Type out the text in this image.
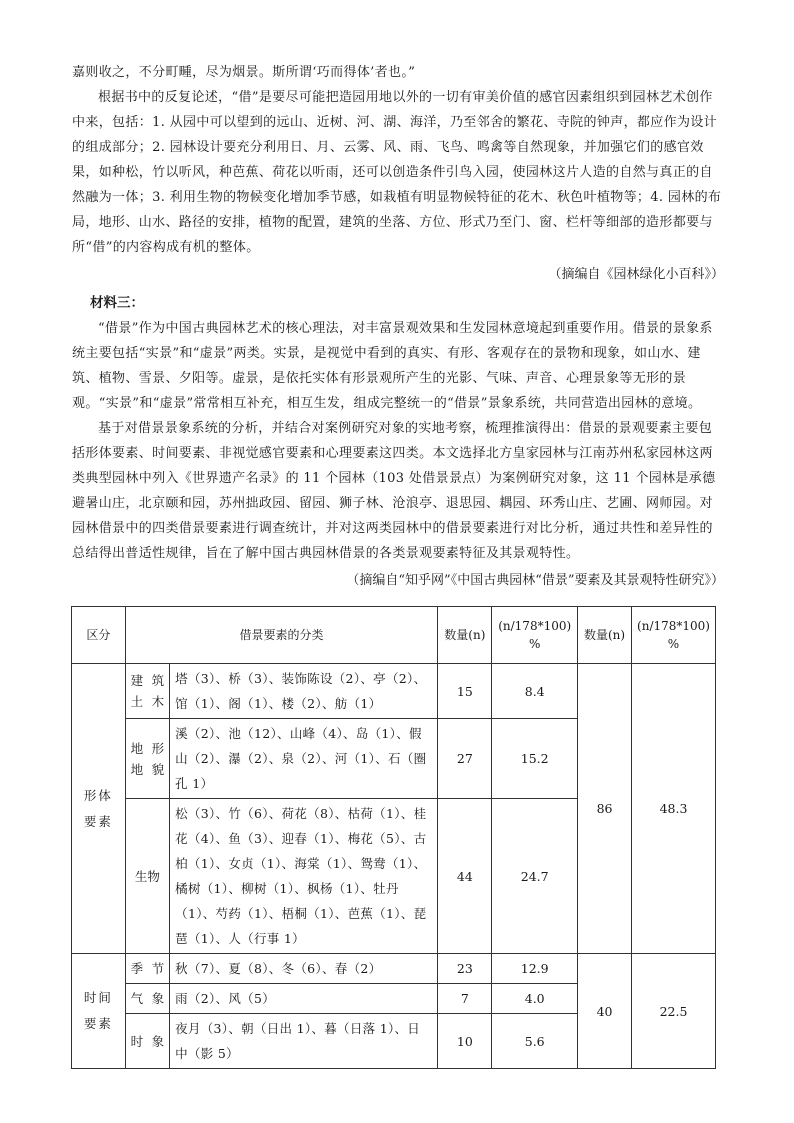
嘉则收之，不分町畽，尽为烟景。斯所谓‘巧而得体’者也。”

根据书中的反复论述，“借”是要尽可能把造园用地以外的一切有审美价值的感官因素组织到园林艺术创作中来，包括：1. 从园中可以望到的远山、近树、河、湖、海洋，乃至邻舍的繁花、寺院的钟声，都应作为设计的组成部分；2. 园林设计要充分利用日、月、云雾、风、雨、飞鸟、鸣禽等自然现象，并加强它们的感官效果，如种松，竹以听风，种芭蕉、荷花以听雨，还可以创造条件引鸟入园，使园林这片人造的自然与真正的自然融为一体；3. 利用生物的物候变化增加季节感，如栽植有明显物候特征的花木、秋色叶植物等；4. 园林的布局，地形、山水、路径的安排，植物的配置，建筑的坐落、方位、形式乃至门、窗、栏杆等细部的造形都要与所“借”的内容构成有机的整体。

（摘编自《园林绿化小百科》）

材料三：

“借景”作为中国古典园林艺术的核心理法，对丰富景观效果和生发园林意境起到重要作用。借景的景象系统主要包括“实景”和“虚景”两类。实景，是视觉中看到的真实、有形、客观存在的景物和现象，如山水、建筑、植物、雪景、夕阳等。虚景，是依托实体有形景观所产生的光影、气味、声音、心理景象等无形的景观。“实景”和“虚景”常常相互补充，相互生发，组成完整统一的“借景”景象系统，共同营造出园林的意境。

基于对借景景象系统的分析，并结合对案例研究对象的实地考察，梳理推演得出：借景的景观要素主要包括形体要素、时间要素、非视觉感官要素和心理要素这四类。本文选择北方皇家园林与江南苏州私家园林这两类典型园林中列入《世界遗产名录》的 11 个园林（103 处借景景点）为案例研究对象，这 11 个园林是承德避暑山庄，北京颐和园，苏州拙政园、留园、狮子林、沧浪亭、退思园、耦园、环秀山庄、艺圃、网师园。对园林借景中的四类借景要素进行调查统计，并对这两类园林中的借景要素进行对比分析，通过共性和差异性的总结得出普适性规律，旨在了解中国古典园林借景的各类景观要素特征及其景观特性。

（摘编自“知乎网”《中国古典园林“借景”要素及其景观特性研究》）

区分	借景要素的分类		数量(n)	(n/178*100) %	数量(n)	(n/178*100) %
形体要素	建筑土木	塔（3）、桥（3）、装饰陈设（2）、亭（2）、馆（1）、阁（1）、楼（2）、舫（1）	15	8.4	86	48.3
	地形地貌	溪（2）、池（12）、山峰（4）、岛（1）、假山（2）、瀑（2）、泉（2）、河（1）、石（圈孔 1）	27	15.2		
	生物	松（3）、竹（6）、荷花（8）、枯荷（1）、桂花（4）、鱼（3）、迎春（1）、梅花（5）、古柏（1）、女贞（1）、海棠（1）、鸳鸯（1）、橘树（1）、柳树（1）、枫杨（1）、牡丹（1）、芍药（1）、梧桐（1）、芭蕉（1）、琵琶（1）、人（行事 1）	44	24.7		
时间要素	季节	秋（7）、夏（8）、冬（6）、春（2）	23	12.9	40	22.5
	气象	雨（2）、风（5）	7	4.0		
	时象	夜月（3）、朝（日出 1）、暮（日落 1）、日中（影 5）	10	5.6		
